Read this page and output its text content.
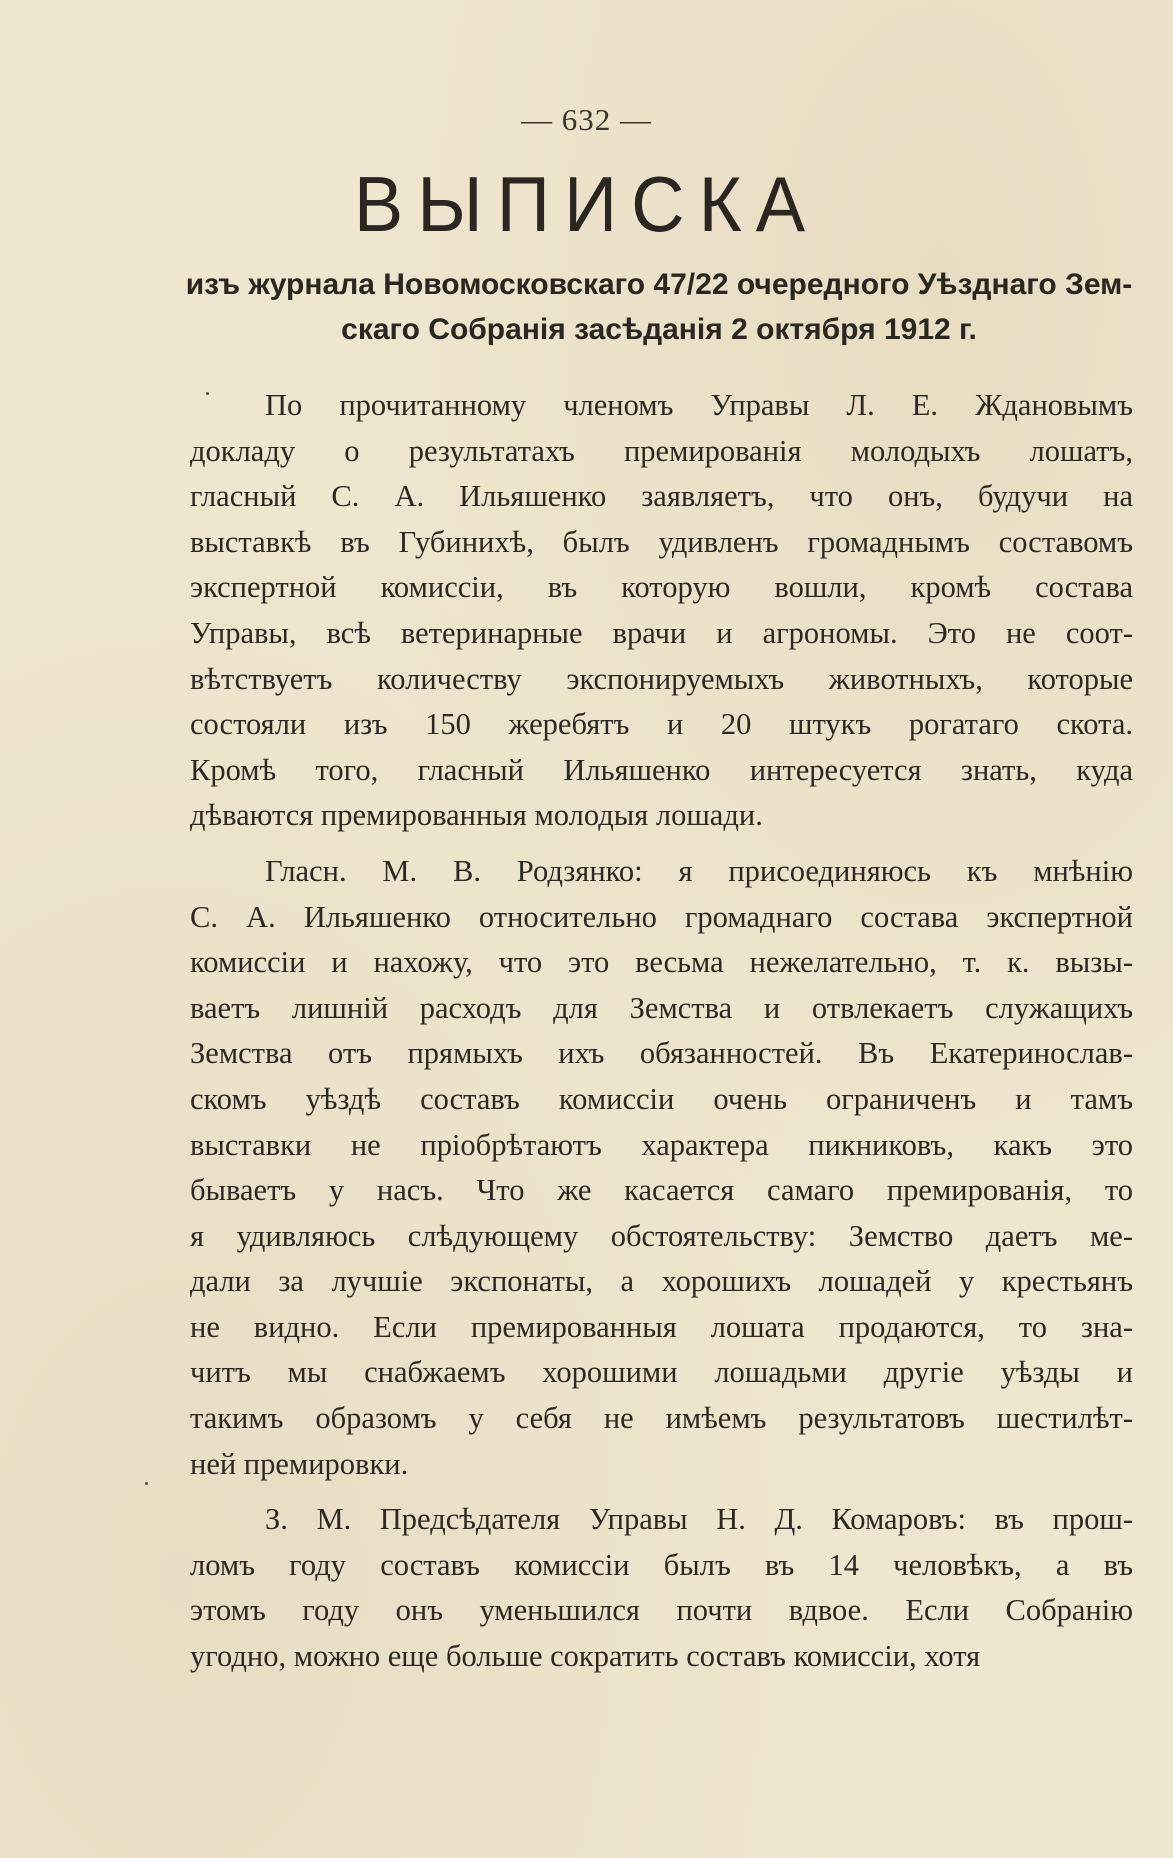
— 632 —
ВЫПИСКА
изъ журнала Новомосковскаго 47/22 очередного Уѣзднаго Зем-
скаго Собранія засѣданія 2 октября 1912 г.
По прочитанному членомъ Управы Л. Е. Ждановымъ
докладу о результатахъ премированія молодыхъ лошатъ,
гласный С. А. Ильяшенко заявляетъ, что онъ, будучи на
выставкѣ въ Губинихѣ, былъ удивленъ громаднымъ составомъ
экспертной комиссіи, въ которую вошли, кромѣ состава
Управы, всѣ ветеринарные врачи и агрономы. Это не соот-
вѣтствуетъ количеству экспонируемыхъ животныхъ, которые
состояли изъ 150 жеребятъ и 20 штукъ рогатаго скота.
Кромѣ того, гласный Ильяшенко интересуется знать, куда
дѣваются премированныя молодыя лошади.
Гласн. М. В. Родзянко: я присоединяюсь къ мнѣнію
С. А. Ильяшенко относительно громаднаго состава экспертной
комиссіи и нахожу, что это весьма нежелательно, т. к. вызы-
ваетъ лишній расходъ для Земства и отвлекаетъ служащихъ
Земства отъ прямыхъ ихъ обязанностей. Въ Екатеринослав-
скомъ уѣздѣ составъ комиссіи очень ограниченъ и тамъ
выставки не пріобрѣтаютъ характера пикниковъ, какъ это
бываетъ у насъ. Что же касается самаго премированія, то
я удивляюсь слѣдующему обстоятельству: Земство даетъ ме-
дали за лучшіе экспонаты, а хорошихъ лошадей у крестьянъ
не видно. Если премированныя лошата продаются, то зна-
читъ мы снабжаемъ хорошими лошадьми другіе уѣзды и
такимъ образомъ у себя не имѣемъ результатовъ шестилѣт-
ней премировки.
З. М. Предсѣдателя Управы Н. Д. Комаровъ: въ прош-
ломъ году составъ комиссіи былъ въ 14 человѣкъ, а въ
этомъ году онъ уменьшился почти вдвое. Если Собранію
угодно, можно еще больше сократить составъ комиссіи, хотя
